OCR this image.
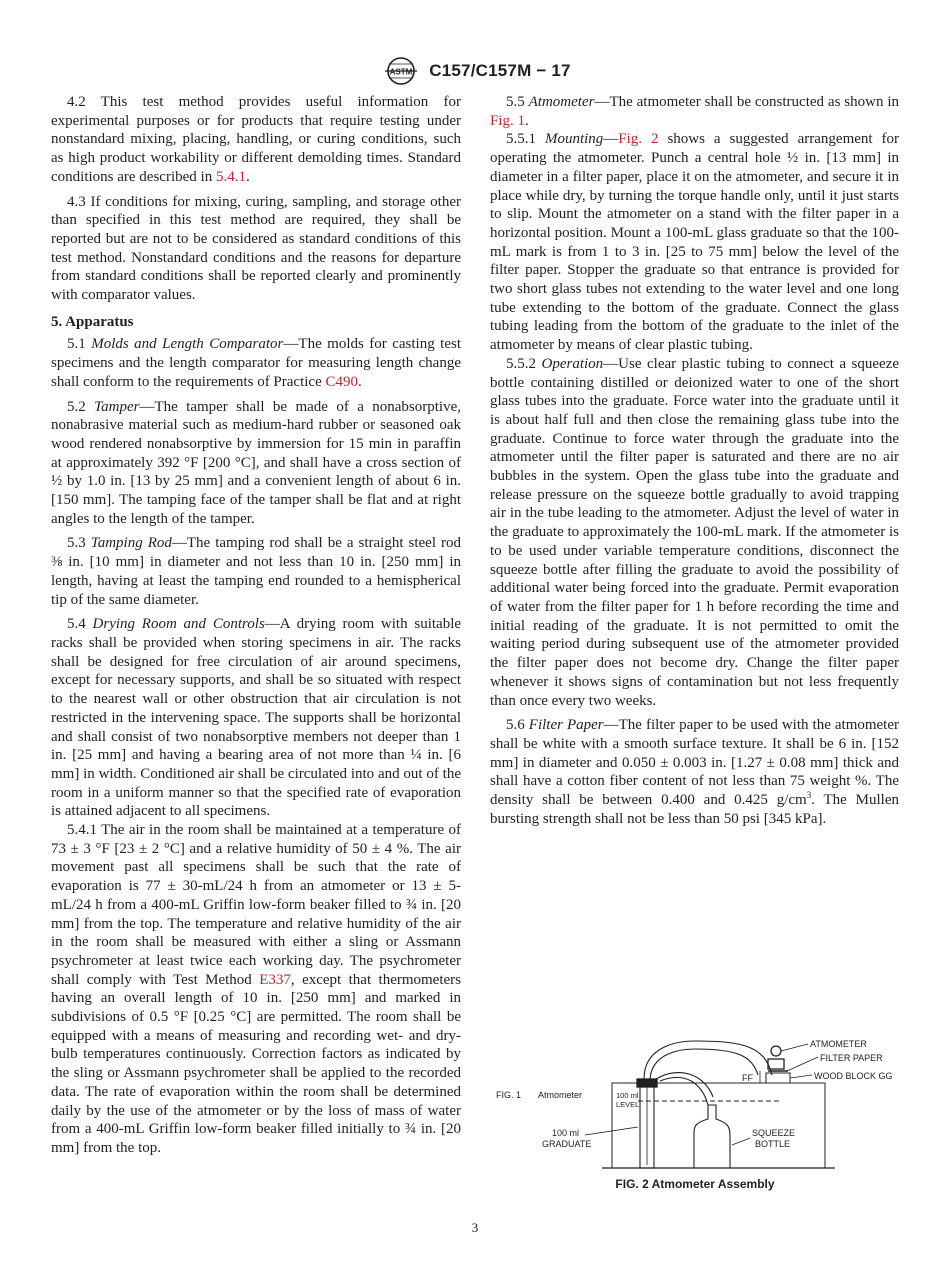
ASTM C157/C157M − 17

4.2 This test method provides useful information for experimental purposes or for products that require testing under nonstandard mixing, placing, handling, or curing conditions, such as high product workability or different demolding times. Standard conditions are described in 5.4.1.

4.3 If conditions for mixing, curing, sampling, and storage other than specified in this test method are required, they shall be reported but are not to be considered as standard conditions of this test method. Nonstandard conditions and the reasons for departure from standard conditions shall be reported clearly and prominently with comparator values.

5. Apparatus

5.1 Molds and Length Comparator—The molds for casting test specimens and the length comparator for measuring length change shall conform to the requirements of Practice C490.

5.2 Tamper—The tamper shall be made of a nonabsorptive, nonabrasive material such as medium-hard rubber or seasoned oak wood rendered nonabsorptive by immersion for 15 min in paraffin at approximately 392 °F [200 °C], and shall have a cross section of ½ by 1.0 in. [13 by 25 mm] and a convenient length of about 6 in. [150 mm]. The tamping face of the tamper shall be flat and at right angles to the length of the tamper.

5.3 Tamping Rod—The tamping rod shall be a straight steel rod ⅜ in. [10 mm] in diameter and not less than 10 in. [250 mm] in length, having at least the tamping end rounded to a hemispherical tip of the same diameter.

5.4 Drying Room and Controls—A drying room with suitable racks shall be provided when storing specimens in air. The racks shall be designed for free circulation of air around specimens, except for necessary supports, and shall be so situated with respect to the nearest wall or other obstruction that air circulation is not restricted in the intervening space. The supports shall be horizontal and shall consist of two nonabsorptive members not deeper than 1 in. [25 mm] and having a bearing area of not more than ¼ in. [6 mm] in width. Conditioned air shall be circulated into and out of the room in a uniform manner so that the specified rate of evaporation is attained adjacent to all specimens.

5.4.1 The air in the room shall be maintained at a temperature of 73 ± 3 °F [23 ± 2 °C] and a relative humidity of 50 ± 4 %. The air movement past all specimens shall be such that the rate of evaporation is 77 ± 30-mL/24 h from an atmometer or 13 ± 5-mL/24 h from a 400-mL Griffin low-form beaker filled to ¾ in. [20 mm] from the top. The temperature and relative humidity of the air in the room shall be measured with either a sling or Assmann psychrometer at least twice each working day. The psychrometer shall comply with Test Method E337, except that thermometers having an overall length of 10 in. [250 mm] and marked in subdivisions of 0.5 °F [0.25 °C] are permitted. The room shall be equipped with a means of measuring and recording wet- and dry-bulb temperatures continuously. Correction factors as indicated by the sling or Assmann psychrometer shall be applied to the recorded data. The rate of evaporation within the room shall be determined daily by the use of the atmometer or by the loss of mass of water from a 400-mL Griffin low-form beaker filled initially to ¾ in. [20 mm] from the top.

5.5 Atmometer—The atmometer shall be constructed as shown in Fig. 1.

5.5.1 Mounting—Fig. 2 shows a suggested arrangement for operating the atmometer. Punch a central hole ½ in. [13 mm] in diameter in a filter paper, place it on the atmometer, and secure it in place while dry, by turning the torque handle only, until it just starts to slip. Mount the atmometer on a stand with the filter paper in a horizontal position. Mount a 100-mL glass graduate so that the 100-mL mark is from 1 to 3 in. [25 to 75 mm] below the level of the filter paper. Stopper the graduate so that entrance is provided for two short glass tubes not extending to the water level and one long tube extending to the bottom of the graduate. Connect the glass tubing leading from the bottom of the graduate to the inlet of the atmometer by means of clear plastic tubing.

5.5.2 Operation—Use clear plastic tubing to connect a squeeze bottle containing distilled or deionized water to one of the short glass tubes into the graduate. Force water into the graduate until it is about half full and then close the remaining glass tube into the graduate. Continue to force water through the graduate into the atmometer until the filter paper is saturated and there are no air bubbles in the system. Open the glass tube into the graduate and release pressure on the squeeze bottle gradually to avoid trapping air in the tube leading to the atmometer. Adjust the level of water in the graduate to approximately the 100-mL mark. If the atmometer is to be used under variable temperature conditions, disconnect the squeeze bottle after filling the graduate to avoid the possibility of additional water being forced into the graduate. Permit evaporation of water from the filter paper for 1 h before recording the time and initial reading of the graduate. It is not permitted to omit the waiting period during subsequent use of the atmometer provided the filter paper does not become dry. Change the filter paper whenever it shows signs of contamination but not less frequently than once every two weeks.

5.6 Filter Paper—The filter paper to be used with the atmometer shall be white with a smooth surface texture. It shall be 6 in. [152 mm] in diameter and 0.050 ± 0.003 in. [1.27 ± 0.08 mm] thick and shall have a cotton fiber content of not less than 75 weight %. The density shall be between 0.400 and 0.425 $g/cm^3$. The Mullen bursting strength shall not be less than 50 psi [345 kPa].

ATMOMETER
FILTER PAPER
WOOD BLOCK GG
FF
FIG. 1 Atmometer	100 ml
LEVEL
100 ml
GRADUATE
SQUEEZE
BOTTLE
FIG. 2 Atmometer Assembly
3
